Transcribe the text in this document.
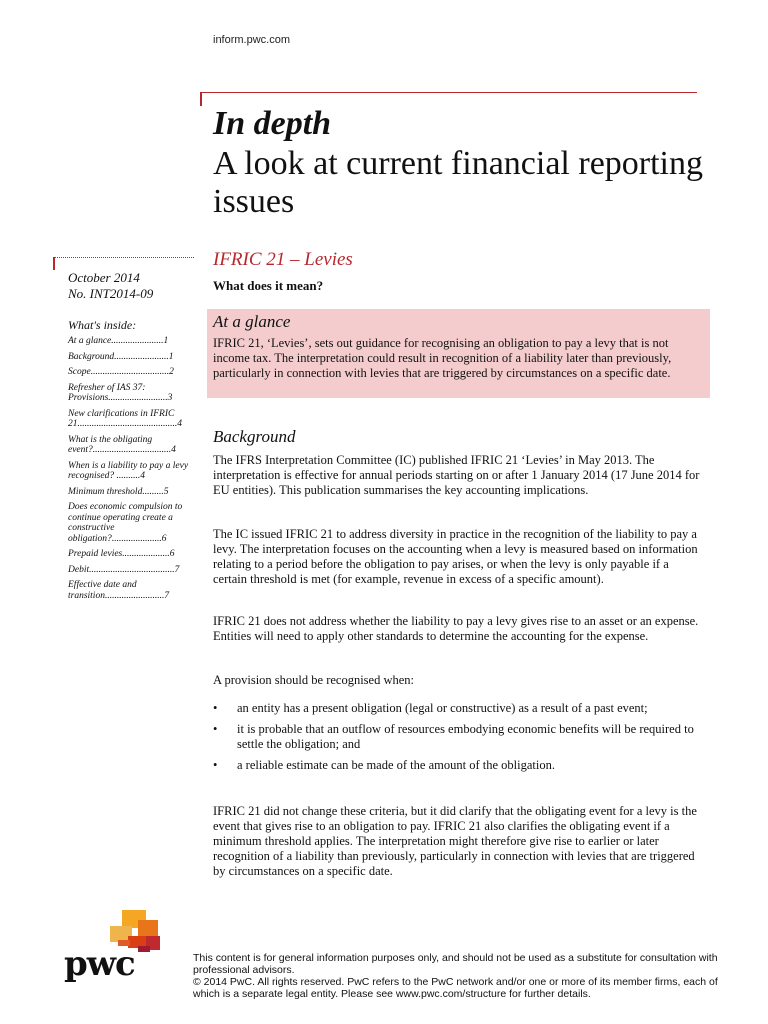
inform.pwc.com
In depth
A look at current financial reporting issues
October 2014
No. INT2014-09
What's inside:
At a glance......................1
Background.......................1
Scope.................................2
Refresher of IAS 37: Provisions.........................3
New clarifications in IFRIC 21..........................................4
What is the obligating event?.................................4
When is a liability to pay a levy recognised? ..........4
Minimum threshold.........5
Does economic compulsion to continue operating create a constructive obligation?.....................6
Prepaid levies....................6
Debit....................................7
Effective date and transition.........................7
IFRIC 21 – Levies
What does it mean?
At a glance

IFRIC 21, ‘Levies’, sets out guidance for recognising an obligation to pay a levy that is not income tax. The interpretation could result in recognition of a liability later than previously, particularly in connection with levies that are triggered by circumstances on a specific date.

Background

The IFRS Interpretation Committee (IC) published IFRIC 21 ‘Levies’ in May 2013. The interpretation is effective for annual periods starting on or after 1 January 2014 (17 June 2014 for EU entities). This publication summarises the key accounting implications.

The IC issued IFRIC 21 to address diversity in practice in the recognition of the liability to pay a levy. The interpretation focuses on the accounting when a levy is measured based on information relating to a period before the obligation to pay arises, or when the levy is only payable if a certain threshold is met (for example, revenue in excess of a specific amount).

IFRIC 21 does not address whether the liability to pay a levy gives rise to an asset or an expense. Entities will need to apply other standards to determine the accounting for the expense.

A provision should be recognised when:

• an entity has a present obligation (legal or constructive) as a result of a past event;
• it is probable that an outflow of resources embodying economic benefits will be required to settle the obligation; and
• a reliable estimate can be made of the amount of the obligation.

IFRIC 21 did not change these criteria, but it did clarify that the obligating event for a levy is the event that gives rise to an obligation to pay. IFRIC 21 also clarifies the obligating event if a minimum threshold applies. The interpretation might therefore give rise to earlier or later recognition of a liability than previously, particularly in connection with levies that are triggered by circumstances on a specific date.

pwc	This content is for general information purposes only, and should not be used as a substitute for consultation with professional advisors.
© 2014 PwC. All rights reserved. PwC refers to the PwC network and/or one or more of its member firms, each of which is a separate legal entity. Please see www.pwc.com/structure for further details.
